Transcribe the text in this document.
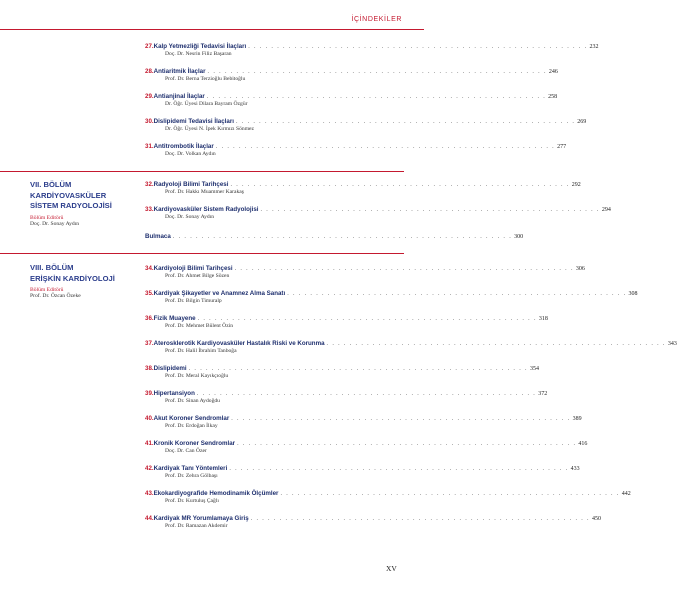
İÇİNDEKİLER
VII. BÖLÜM
KARDİYOVASKÜLER
SİSTEM RADYOLOJİSİ
Bölüm Editörü
Doç. Dr. Sonay Aydın
VIII. BÖLÜM
ERİŞKİN KARDİYOLOJİ
Bölüm Editörü
Prof. Dr. Özcan Özeke
27. Kalp Yetmezliği Tedavisi İlaçları . . . . . . . . . . . . . . . . . . . . . . . . . . . . . . . . . . . . . . . . . . . . . . . . . . . . . . . . . . . 232
Doç. Dr. Nesrin Filiz Başaran
28. Antiaritmik İlaçlar . . . . . . . . . . . . . . . . . . . . . . . . . . . . . . . . . . . . . . . . . . . . . . . . . . . . . . . . . . . 246
Prof. Dr. Berna Terzioğlu Bebitoğlu
29. Antianjinal İlaçlar . . . . . . . . . . . . . . . . . . . . . . . . . . . . . . . . . . . . . . . . . . . . . . . . . . . . . . . . . . . 258
Dr. Öğr. Üyesi Dilara Bayram Özgür
30. Dislipidemi Tedavisi İlaçları . . . . . . . . . . . . . . . . . . . . . . . . . . . . . . . . . . . . . . . . . . . . . . . . . . . . . . . . . . . 269
Dr. Öğr. Üyesi N. İpek Kırmızı Sönmez
31. Antitrombotik İlaçlar . . . . . . . . . . . . . . . . . . . . . . . . . . . . . . . . . . . . . . . . . . . . . . . . . . . . . . . . . . . 277
Doç. Dr. Volkan Aydın
32. Radyoloji Bilimi Tarihçesi . . . . . . . . . . . . . . . . . . . . . . . . . . . . . . . . . . . . . . . . . . . . . . . . . . . . . . . . . . . 292
Prof. Dr. Hakkı Muammer Karakaş
33. Kardiyovasküler Sistem Radyolojisi . . . . . . . . . . . . . . . . . . . . . . . . . . . . . . . . . . . . . . . . . . . . . . . . . . . . . . . . . . . 294
Doç. Dr. Sonay Aydın
Bulmaca . . . . . . . . . . . . . . . . . . . . . . . . . . . . . . . . . . . . . . . . . . . . . . . . . . . . . . . . . . . 300
34. Kardiyoloji Bilimi Tarihçesi . . . . . . . . . . . . . . . . . . . . . . . . . . . . . . . . . . . . . . . . . . . . . . . . . . . . . . . . . . . 306
Prof. Dr. Ahmet Bilge Sözen
35. Kardiyak Şikayetler ve Anamnez Alma Sanatı . . . . . . . . . . . . . . . . . . . . . . . . . . . . . . . . . . . . . . . . . . . . . . . . . . . . . . . . . . . 308
Prof. Dr. Bilgin Timuralp
36. Fizik Muayene . . . . . . . . . . . . . . . . . . . . . . . . . . . . . . . . . . . . . . . . . . . . . . . . . . . . . . . . . . . 318
Prof. Dr. Mehmet Bülent Özin
37. Aterosklerotik Kardiyovasküler Hastalık Riski ve Korunma . . . . . . . . . . . . . . . . . . . . . . . . . . . . . . . . . . . . . . . . . . . . . . . . . . . . . . . . . . . 343
Prof. Dr. Halil İbrahim Tanboğa
38. Dislipidemi . . . . . . . . . . . . . . . . . . . . . . . . . . . . . . . . . . . . . . . . . . . . . . . . . . . . . . . . . . . 354
Prof. Dr. Meral Kayıkçıoğlu
39. Hipertansiyon . . . . . . . . . . . . . . . . . . . . . . . . . . . . . . . . . . . . . . . . . . . . . . . . . . . . . . . . . . . 372
Prof. Dr. Sinan Aydoğdu
40. Akut Koroner Sendromlar . . . . . . . . . . . . . . . . . . . . . . . . . . . . . . . . . . . . . . . . . . . . . . . . . . . . . . . . . . . 389
Prof. Dr. Erdoğan İlkay
41. Kronik Koroner Sendromlar . . . . . . . . . . . . . . . . . . . . . . . . . . . . . . . . . . . . . . . . . . . . . . . . . . . . . . . . . . . 416
Doç. Dr. Can Özer
42. Kardiyak Tanı Yöntemleri . . . . . . . . . . . . . . . . . . . . . . . . . . . . . . . . . . . . . . . . . . . . . . . . . . . . . . . . . . . 433
Prof. Dr. Zehra Gölbaşı
43. Ekokardiyografide Hemodinamik Ölçümler . . . . . . . . . . . . . . . . . . . . . . . . . . . . . . . . . . . . . . . . . . . . . . . . . . . . . . . . . . . 442
Prof. Dr. Kurtuluş Çağlı
44. Kardiyak MR Yorumlamaya Giriş . . . . . . . . . . . . . . . . . . . . . . . . . . . . . . . . . . . . . . . . . . . . . . . . . . . . . . . . . . . 450
Prof. Dr. Ramazan Akdemir
XV
